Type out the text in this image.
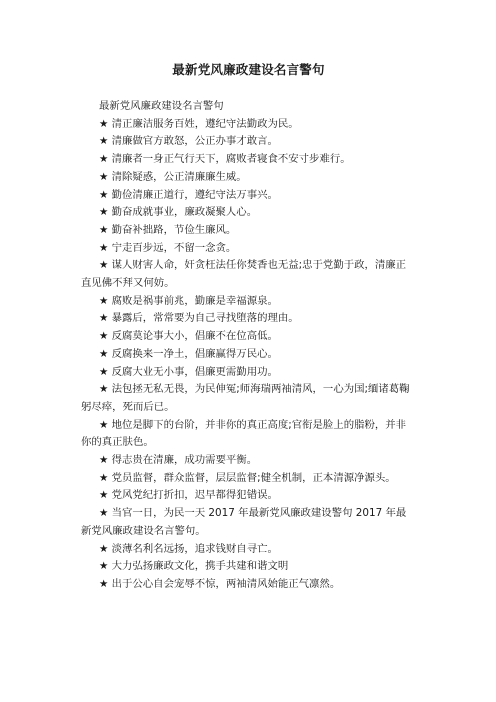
最新党风廉政建设名言警句

最新党风廉政建设名言警句

★ 清正廉洁服务百姓，遵纪守法勤政为民。

★ 清廉做官方敢怒，公正办事才敢言。

★ 清廉者一身正气行天下，腐败者寝食不安寸步难行。

★ 清除疑惑，公正清廉廉生威。

★ 勤俭清廉正道行，遵纪守法万事兴。

★ 勤奋成就事业，廉政凝聚人心。

★ 勤奋补拙路，节俭生廉风。

★ 宁走百步远，不留一念贪。

★ 谋人财害人命，奸贪枉法任你焚香也无益;忠于党勤于政，清廉正直见佛不拜又何妨。

★ 腐败是祸事前兆，勤廉是幸福源泉。

★ 暴露后，常常要为自己寻找堕落的理由。

★ 反腐莫论事大小，倡廉不在位高低。

★ 反腐换来一净土，倡廉赢得万民心。

★ 反腐大业无小事，倡廉更需勤用功。

★ 法包拯无私无畏，为民伸冤;师海瑞两袖清风，一心为国;缅诸葛鞠躬尽瘁，死而后已。

★ 地位是脚下的台阶，并非你的真正高度;官衔是脸上的脂粉，并非你的真正肤色。

★ 得志贵在清廉，成功需要平衡。

★ 党员监督，群众监督，层层监督;健全机制，正本清源净源头。

★ 党风党纪打折扣，迟早都得犯错误。

★ 当官一日，为民一天 2017 年最新党风廉政建设警句 2017 年最新党风廉政建设名言警句。

★ 淡薄名利名远扬，追求钱财自寻亡。

★ 大力弘扬廉政文化，携手共建和谐文明

★ 出于公心自会宠辱不惊，两袖清风始能正气凛然。
